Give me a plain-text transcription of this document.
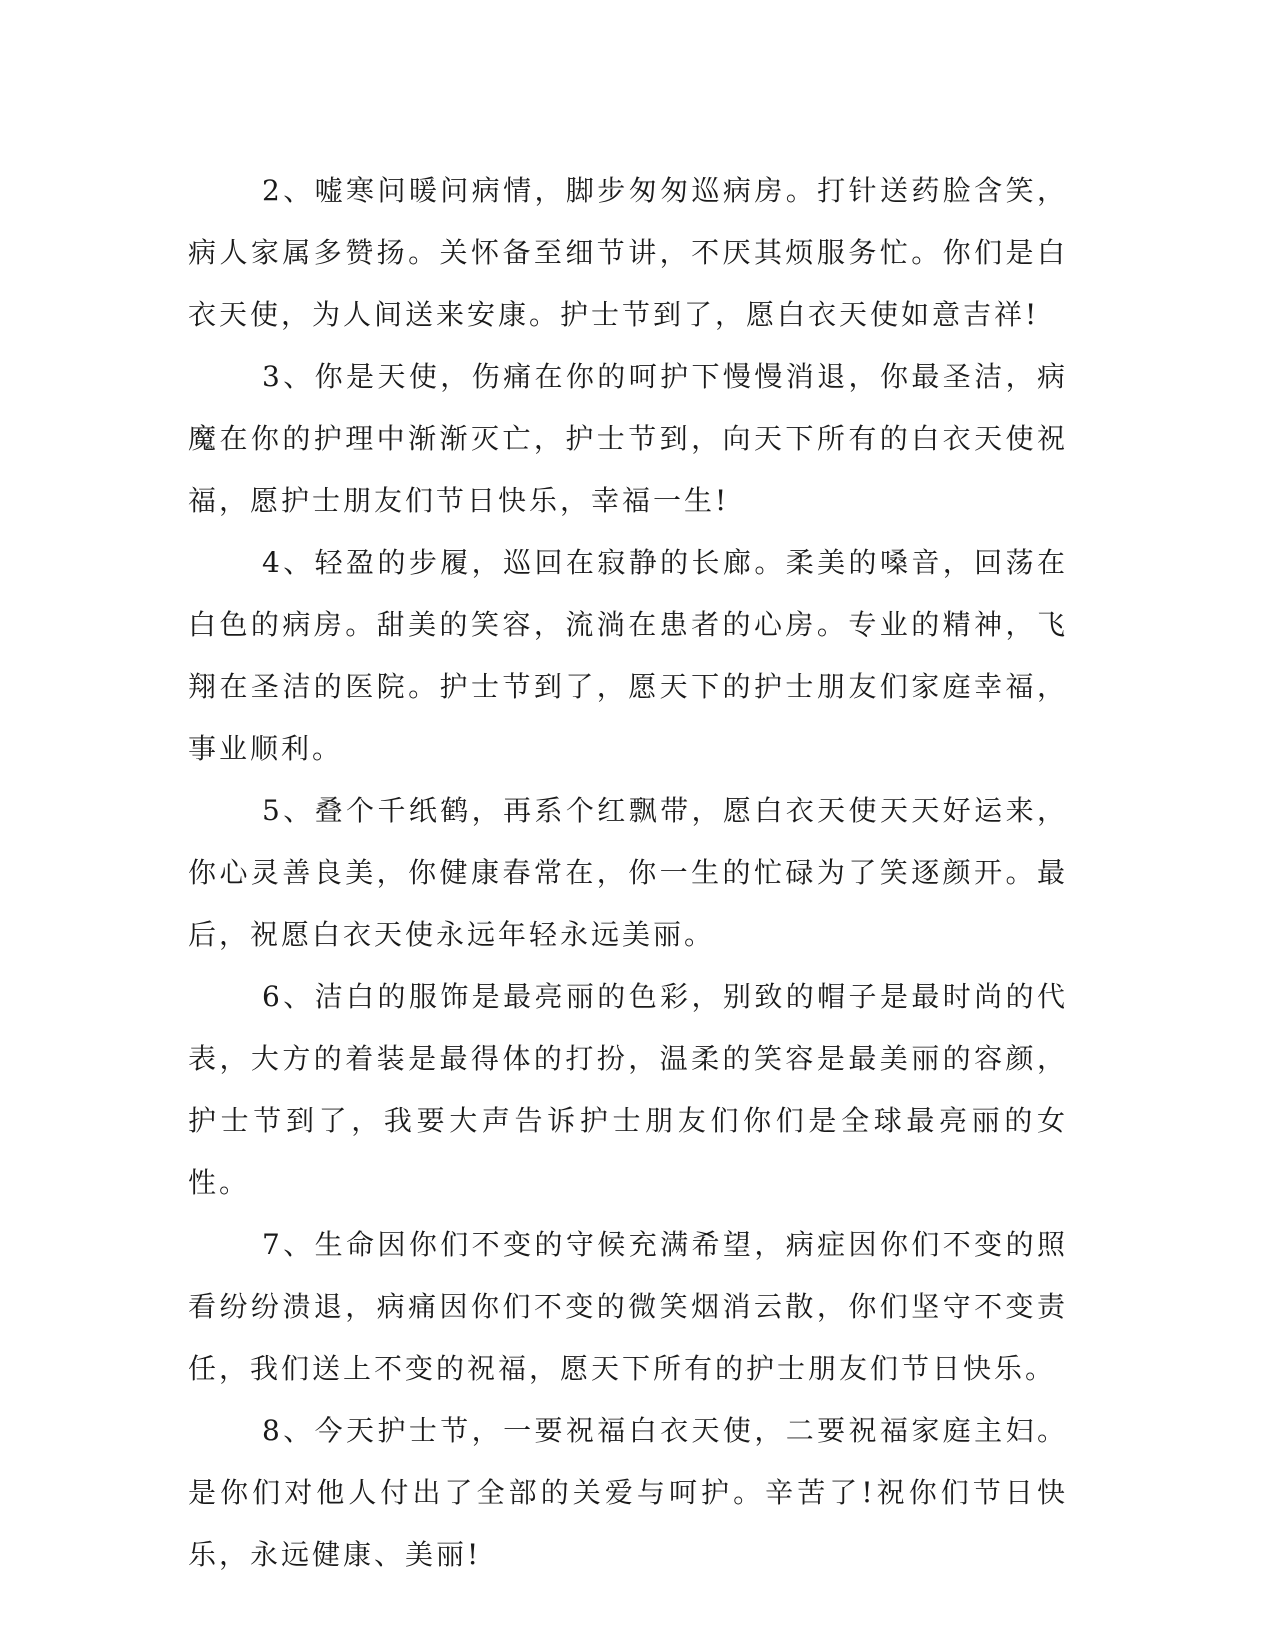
2、嘘寒问暖问病情，脚步匆匆巡病房。打针送药脸含笑，病人家属多赞扬。关怀备至细节讲，不厌其烦服务忙。你们是白衣天使，为人间送来安康。护士节到了，愿白衣天使如意吉祥!

3、你是天使，伤痛在你的呵护下慢慢消退，你最圣洁，病魔在你的护理中渐渐灭亡，护士节到，向天下所有的白衣天使祝福，愿护士朋友们节日快乐，幸福一生!

4、轻盈的步履，巡回在寂静的长廊。柔美的嗓音，回荡在白色的病房。甜美的笑容，流淌在患者的心房。专业的精神，飞翔在圣洁的医院。护士节到了，愿天下的护士朋友们家庭幸福，事业顺利。

5、叠个千纸鹤，再系个红飘带，愿白衣天使天天好运来，你心灵善良美，你健康春常在，你一生的忙碌为了笑逐颜开。最后，祝愿白衣天使永远年轻永远美丽。

6、洁白的服饰是最亮丽的色彩，别致的帽子是最时尚的代表，大方的着装是最得体的打扮，温柔的笑容是最美丽的容颜，护士节到了，我要大声告诉护士朋友们你们是全球最亮丽的女性。

7、生命因你们不变的守候充满希望，病症因你们不变的照看纷纷溃退，病痛因你们不变的微笑烟消云散，你们坚守不变责任，我们送上不变的祝福，愿天下所有的护士朋友们节日快乐。

8、今天护士节，一要祝福白衣天使，二要祝福家庭主妇。是你们对他人付出了全部的关爱与呵护。辛苦了!祝你们节日快乐，永远健康、美丽!
